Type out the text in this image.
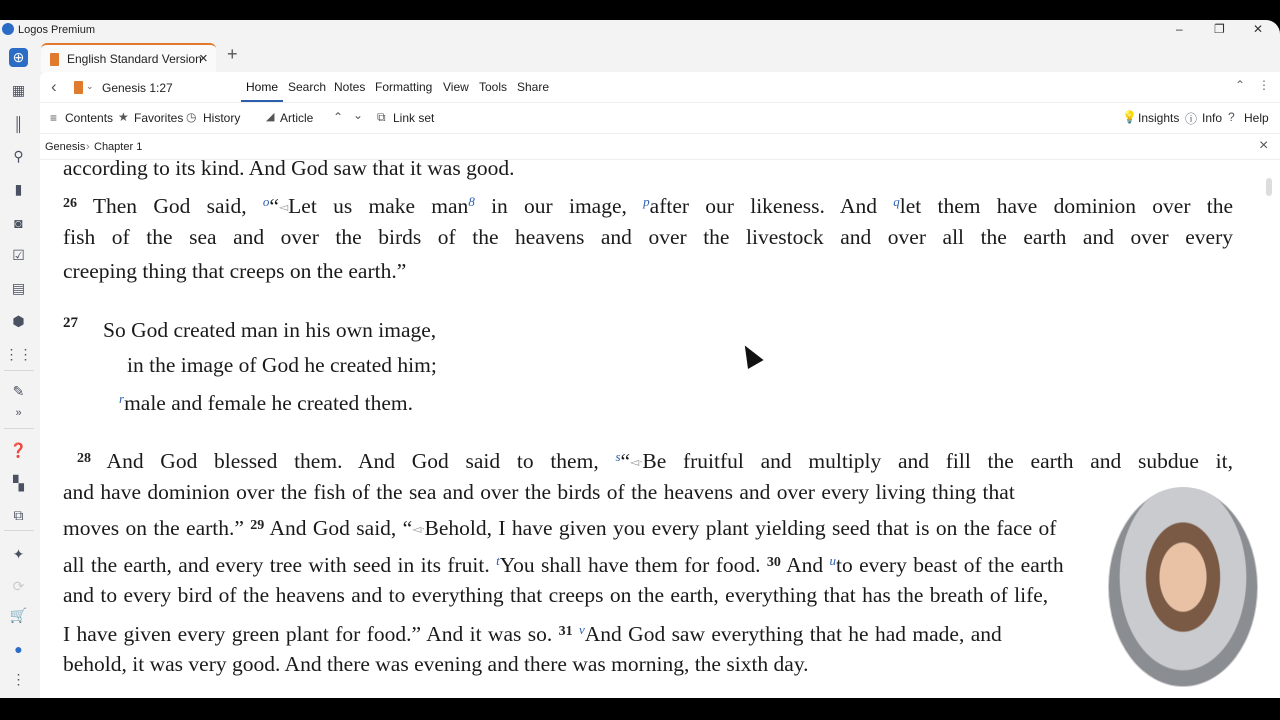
Logos Premium	–	❐ ✕
⊕
▦
║
⚲
▮
◙
☑
▤
⬢
⋮⋮
✎
»
❓
▚
⧉
✦
⟳
🛒
●
⋮
English Standard Version
× +
‹	⌄ Genesis 1:27	Home Search Notes Formatting View Tools Share	⌃ ⋮
≡ Contents ★ Favorites ◷ History ◢ Article ⌃ ⌄ ⧉ Link set	💡 Insights ⓘ Info ? Help
Genesis › Chapter 1	×
according to its kind. And God saw that it was good.
$^{26}$ Then God said, $^o$“◅Let us make man$^8$ in our image, $^p$after our likeness. And $^q$let them have dominion over the
fish of the sea and over the birds of the heavens and over the livestock and over all the earth and over every
creeping thing that creeps on the earth.”
So God created man in his own image,
in the image of God he created him;
$^r$male and female he created them.
$^{28}$ And God blessed them. And God said to them, $^s$“◅ᐧBe fruitful and multiply and fill the earth and subdue it,
and have dominion over the fish of the sea and over the birds of the heavens and over every living thing that
moves on the earth.” $^{29}$ And God said, “◅ᐧBehold, I have given you every plant yielding seed that is on the face of
all the earth, and every tree with seed in its fruit. $^t$You shall have them for food. $^{30}$ And $^u$to every beast of the earth
and to every bird of the heavens and to everything that creeps on the earth, everything that has the breath of life,
I have given every green plant for food.” And it was so. $^{31}$ $^v$And God saw everything that he had made, and
behold, it was very good. And there was evening and there was morning, the sixth day.
27
